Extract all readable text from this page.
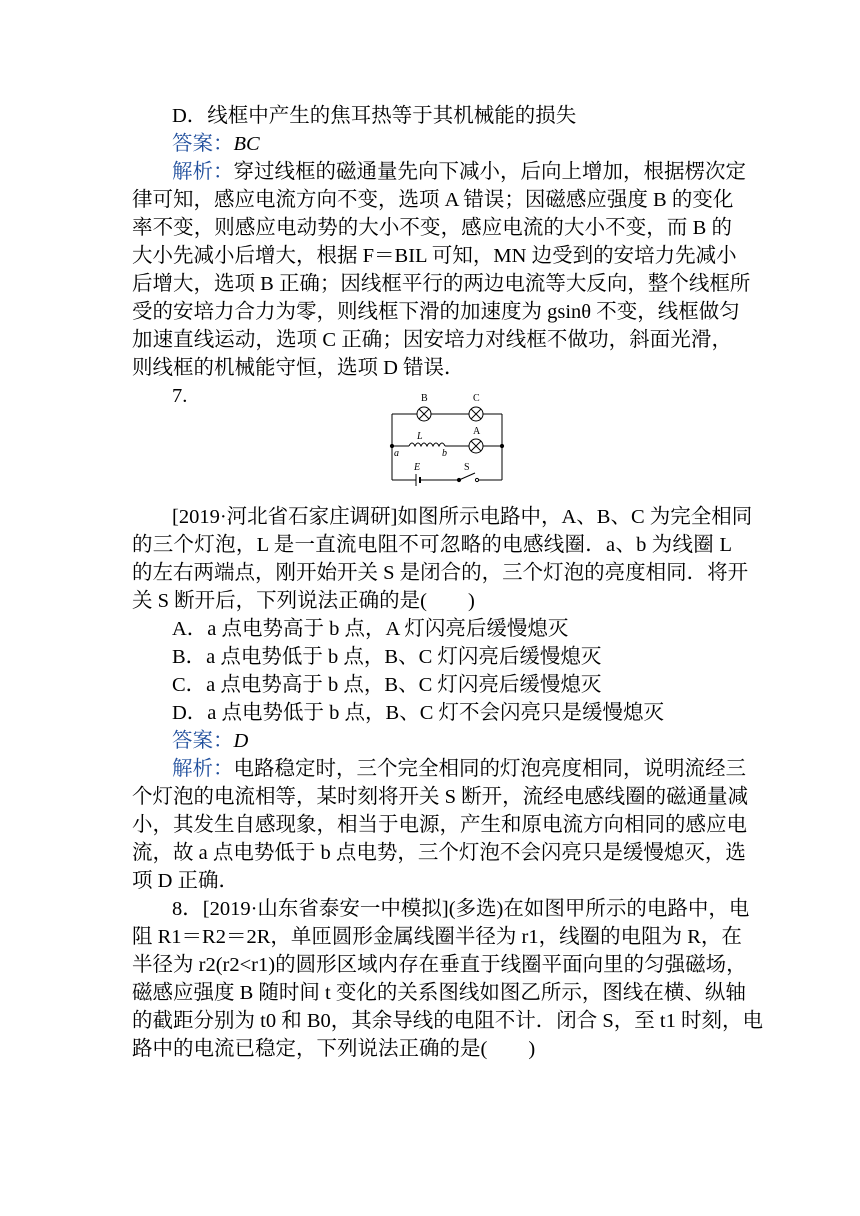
D．线框中产生的焦耳热等于其机械能的损失
答案：BC
解析：穿过线框的磁通量先向下减小，后向上增加，根据楞次定
律可知，感应电流方向不变，选项 A 错误；因磁感应强度 B 的变化
率不变，则感应电动势的大小不变，感应电流的大小不变，而 B 的
大小先减小后增大，根据 F＝BIL 可知，MN 边受到的安培力先减小
后增大，选项 B 正确；因线框平行的两边电流等大反向，整个线框所
受的安培力合力为零，则线框下滑的加速度为 gsinθ 不变，线框做匀
加速直线运动，选项 C 正确；因安培力对线框不做功，斜面光滑，
则线框的机械能守恒，选项 D 错误．
7.	B	C
L	A
a	b
E	S
[2019·河北省石家庄调研]如图所示电路中，A、B、C 为完全相同
的三个灯泡，L 是一直流电阻不可忽略的电感线圈．a、b 为线圈 L
的左右两端点，刚开始开关 S 是闭合的，三个灯泡的亮度相同．将开
关 S 断开后，下列说法正确的是(　　)
A．a 点电势高于 b 点，A 灯闪亮后缓慢熄灭
B．a 点电势低于 b 点，B、C 灯闪亮后缓慢熄灭
C．a 点电势高于 b 点，B、C 灯闪亮后缓慢熄灭
D．a 点电势低于 b 点，B、C 灯不会闪亮只是缓慢熄灭
答案：D
解析：电路稳定时，三个完全相同的灯泡亮度相同，说明流经三
个灯泡的电流相等，某时刻将开关 S 断开，流经电感线圈的磁通量减
小，其发生自感现象，相当于电源，产生和原电流方向相同的感应电
流，故 a 点电势低于 b 点电势，三个灯泡不会闪亮只是缓慢熄灭，选
项 D 正确．
8．[2019·山东省泰安一中模拟](多选)在如图甲所示的电路中，电
阻 R1＝R2＝2R，单匝圆形金属线圈半径为 r1，线圈的电阻为 R，在
半径为 r2(r2<r1)的圆形区域内存在垂直于线圈平面向里的匀强磁场，
磁感应强度 B 随时间 t 变化的关系图线如图乙所示，图线在横、纵轴
的截距分别为 t0 和 B0，其余导线的电阻不计．闭合 S，至 t1 时刻，电
路中的电流已稳定，下列说法正确的是(　　)
